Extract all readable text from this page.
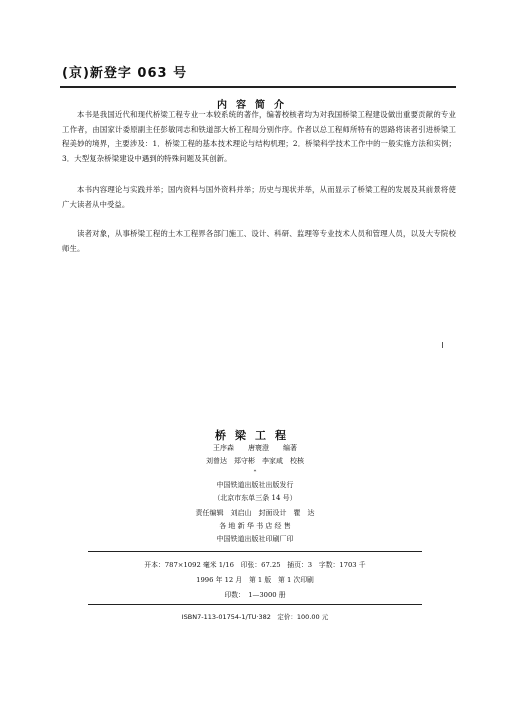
(京)新登字 063 号
内容简介
本书是我国近代和现代桥梁工程专业一本较系统的著作，编著校核者均为对我国桥梁工程建设做出重要贡献的专业工作者，由国家计委原副主任彭敏同志和铁道部大桥工程局分别作序。作者以总工程师所特有的思路将读者引进桥梁工程美妙的境界，主要涉及：1．桥梁工程的基本技术理论与结构机理；2．桥梁科学技术工作中的一般实施方法和实例；3．大型复杂桥梁建设中遇到的特殊问题及其创新。
本书内容理论与实践并举；国内资料与国外资料并举；历史与现状并举，从而显示了桥梁工程的发展及其前景将使广大读者从中受益。
读者对象，从事桥梁工程的土木工程界各部门施工、设计、科研、监理等专业技术人员和管理人员，以及大专院校师生。
桥梁工程
王序森　　唐寰澄　　编著
刘曾达　郑守彬　李家咸　校核
*
中国铁道出版社出版发行
（北京市东单三条 14 号）
责任编辑　刘启山　封面设计　瞿　达
各 地 新 华 书 店 经 售
中国铁道出版社印刷厂印
开本：787×1092 毫米 1/16　印张：67.25　插页：3　字数：1703 千
1996 年 12 月　第 1 版　第 1 次印刷
印数：　1—3000 册
ISBN7-113-01754-1/TU·382　定价：100.00 元
